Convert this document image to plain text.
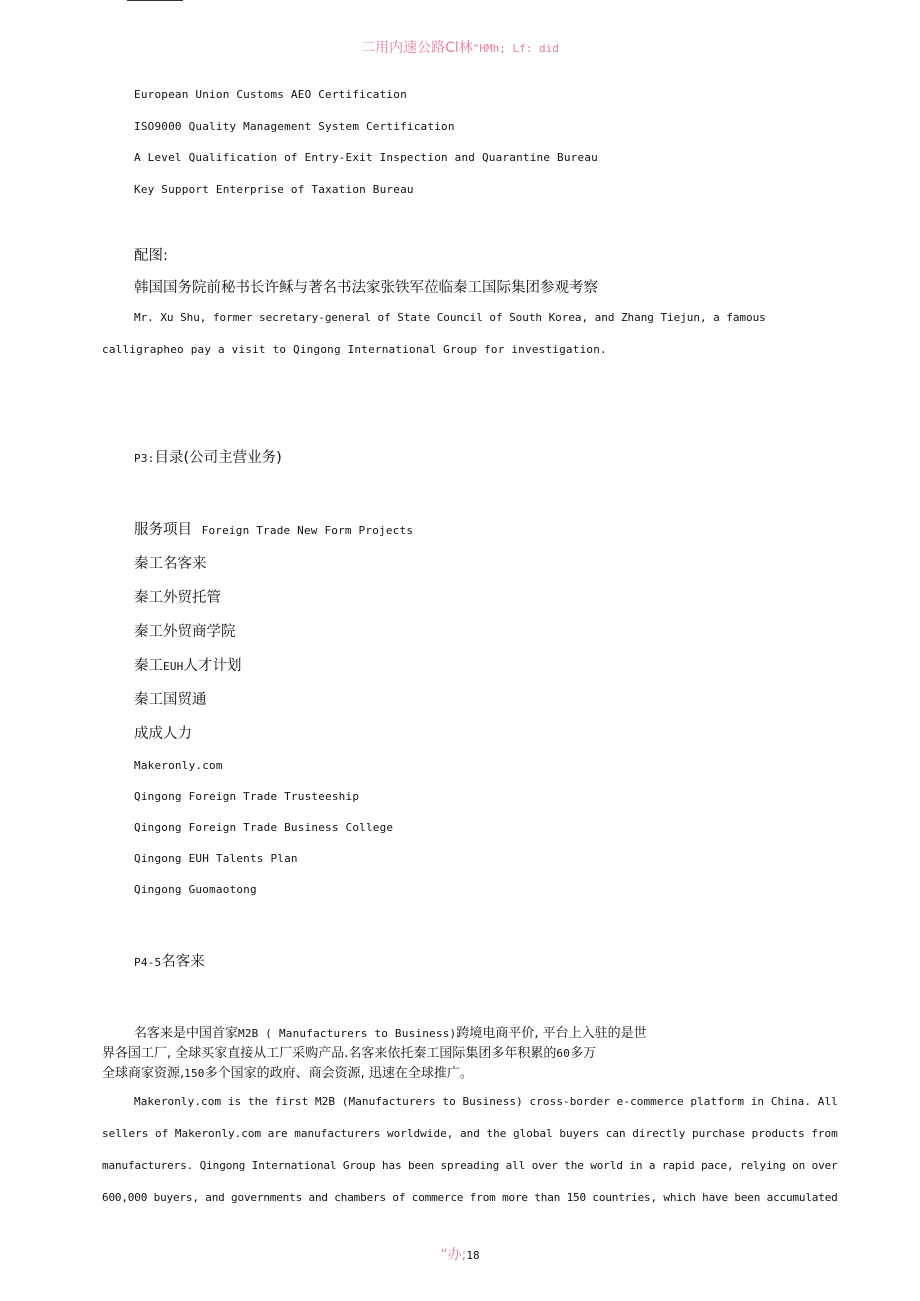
二用内速公路Cl林"HMh; Lf: did
European Union Customs AEO Certification
ISO9000 Quality Management System Certification
A Level Qualification of Entry-Exit Inspection and Quarantine Bureau
Key Support Enterprise of Taxation Bureau
配图:
韩国国务院前秘书长许稣与著名书法家张铁军莅临秦工国际集团参观考察
Mr. Xu Shu, former secretary-general of State Council of South Korea, and Zhang Tiejun, a famous
calligrapheo pay a visit to Qingong International Group for investigation.
P3:目录(公司主营业务)
服务项目 Foreign Trade New Form Projects
秦工名客来
秦工外贸托管
秦工外贸商学院
秦工EUH人才计划
秦工国贸通
成成人力
Makeronly.com
Qingong Foreign Trade Trusteeship
Qingong Foreign Trade Business College
Qingong EUH Talents Plan
Qingong Guomaotong
P4-5名客来
名客来是中国首家M2B ( Manufacturers to Business)跨境电商平价, 平台上入驻的是世
界各国工厂, 全球买家直接从工厂采购产品.名客来依托秦工国际集团多年积累的60多万
全球商家资源,150多个国家的政府、商会资源, 迅速在全球推广。
Makeronly.com is the first M2B (Manufacturers to Business) cross-border e-commerce platform in China. All
sellers of Makeronly.com are manufacturers worldwide, and the global buyers can directly purchase products from
manufacturers. Qingong International Group has been spreading all over the world in a rapid pace, relying on over
600,000 buyers, and governments and chambers of commerce from more than 150 countries, which have been accumulated
“办;18
